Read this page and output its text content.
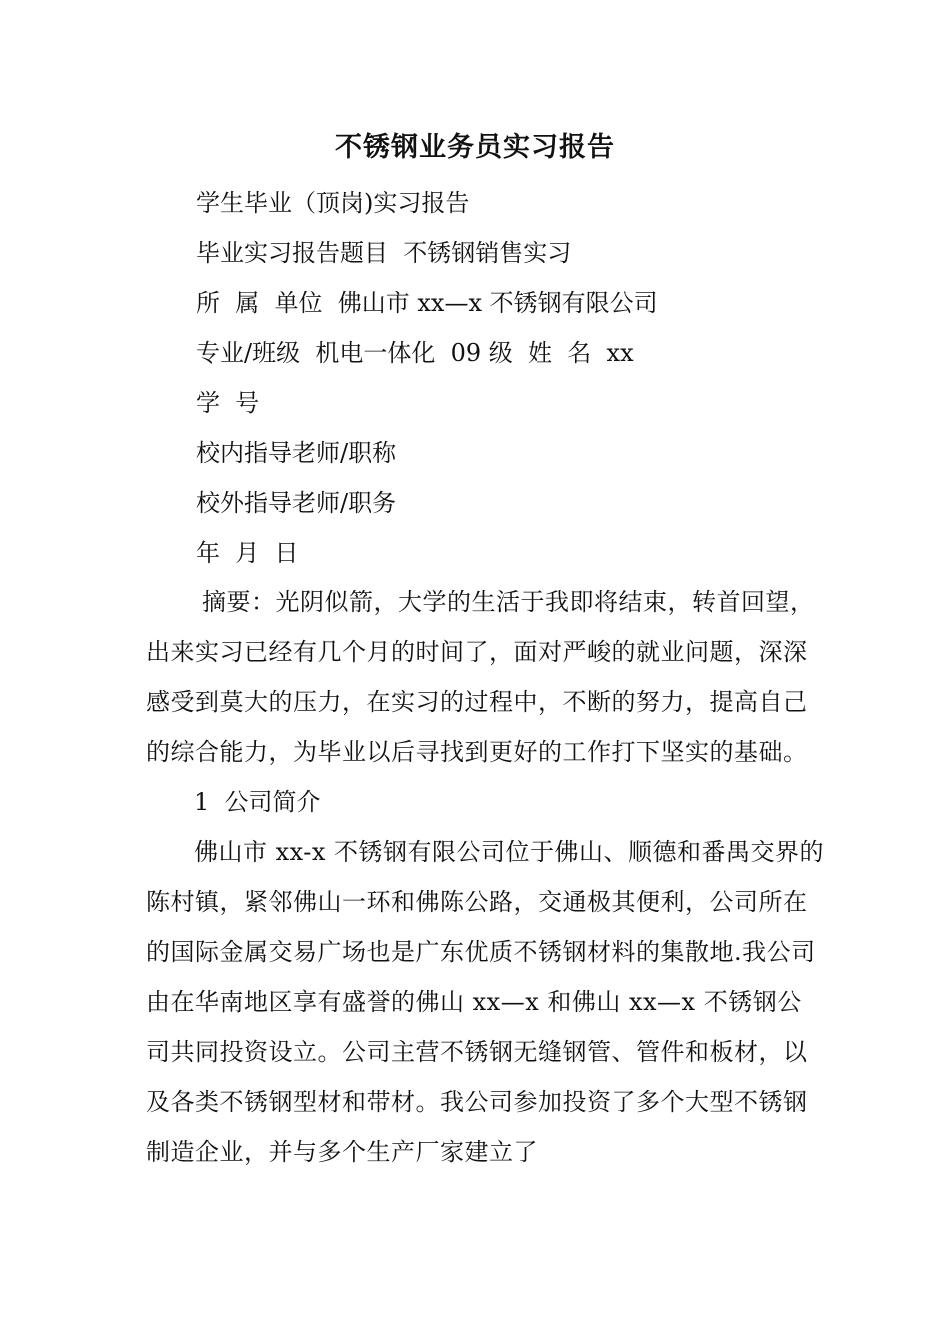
不锈钢业务员实习报告
学生毕业（顶岗)实习报告
毕业实习报告题目  不锈钢销售实习
所  属  单位  佛山市 xx—x 不锈钢有限公司
专业/班级  机电一体化  09 级  姓  名  xx
学  号
校内指导老师/职称
校外指导老师/职务
年  月  日

摘要：光阴似箭，大学的生活于我即将结束，转首回望，出来实习已经有几个月的时间了，面对严峻的就业问题，深深感受到莫大的压力，在实习的过程中，不断的努力，提高自己的综合能力，为毕业以后寻找到更好的工作打下坚实的基础。

1  公司简介

佛山市 xx-x 不锈钢有限公司位于佛山、顺德和番禺交界的陈村镇，紧邻佛山一环和佛陈公路，交通极其便利，公司所在的国际金属交易广场也是广东优质不锈钢材料的集散地.我公司由在华南地区享有盛誉的佛山 xx—x 和佛山 xx—x 不锈钢公司共同投资设立。公司主营不锈钢无缝钢管、管件和板材，以及各类不锈钢型材和带材。我公司参加投资了多个大型不锈钢制造企业，并与多个生产厂家建立了
